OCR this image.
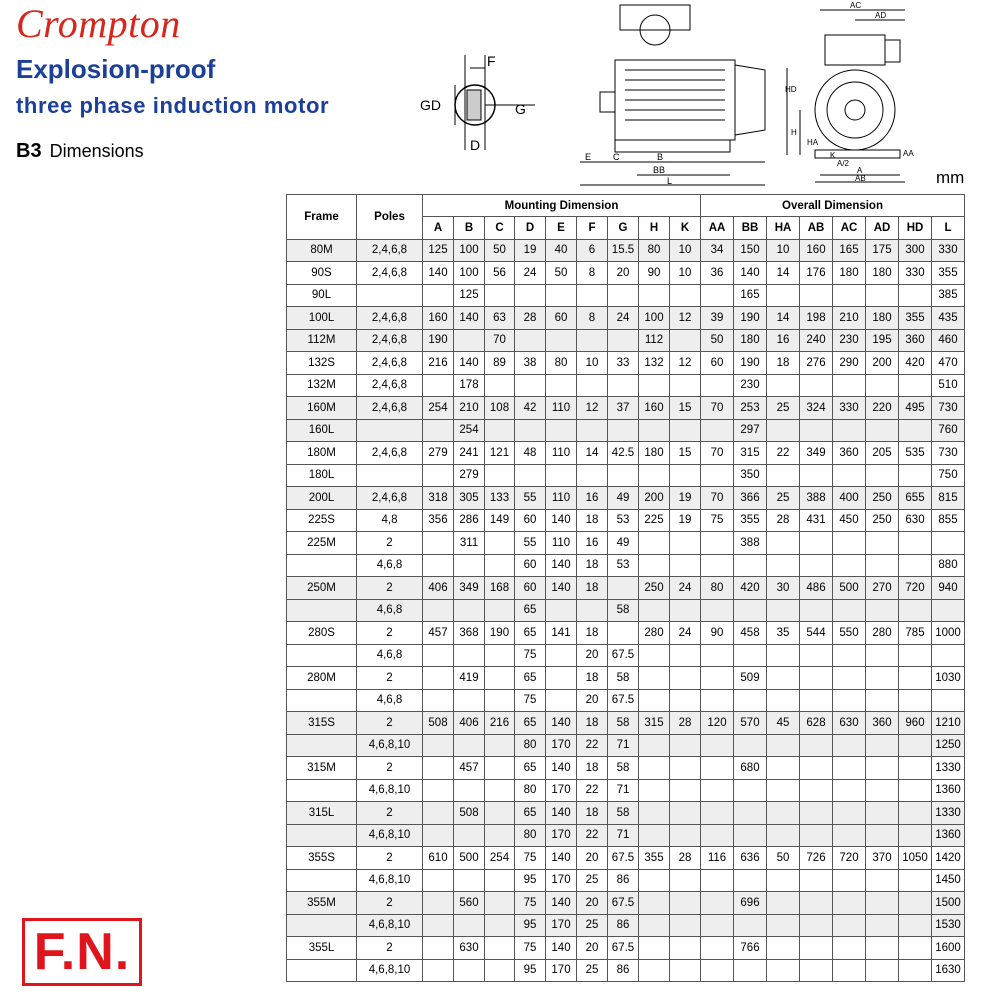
Crompton
Explosion-proof
three phase induction motor
B3 Dimensions
mm
F
GD	G
D
E C	B
BB
L
AC
AD
HD
H
HA
K
A/2
A
AB
AA
Frame	Poles	Mounting Dimension									Overall Dimension							
		A	B	C	D	E	F	G	H	K	AA	BB	HA	AB	AC	AD	HD	L
80M	2,4,6,8	125	100	50	19	40	6	15.5	80	10	34	150	10	160	165	175	300	330
90S	2,4,6,8	140	100	56	24	50	8	20	90	10	36	140	14	176	180	180	330	355
90L			125									165						385
100L	2,4,6,8	160	140	63	28	60	8	24	100	12	39	190	14	198	210	180	355	435
112M	2,4,6,8	190		70					112		50	180	16	240	230	195	360	460
132S	2,4,6,8	216	140	89	38	80	10	33	132	12	60	190	18	276	290	200	420	470
132M	2,4,6,8		178									230						510
160M	2,4,6,8	254	210	108	42	110	12	37	160	15	70	253	25	324	330	220	495	730
160L			254									297						760
180M	2,4,6,8	279	241	121	48	110	14	42.5	180	15	70	315	22	349	360	205	535	730
180L			279									350						750
200L	2,4,6,8	318	305	133	55	110	16	49	200	19	70	366	25	388	400	250	655	815
225S	4,8	356	286	149	60	140	18	53	225	19	75	355	28	431	450	250	630	855
225M	2		311		55	110	16	49				388						
	4,6,8				60	140	18	53										880
250M	2	406	349	168	60	140	18		250	24	80	420	30	486	500	270	720	940
	4,6,8				65			58										
280S	2	457	368	190	65	141	18		280	24	90	458	35	544	550	280	785	1000
	4,6,8				75		20	67.5										
280M	2		419		65		18	58				509						1030
	4,6,8				75		20	67.5										
315S	2	508	406	216	65	140	18	58	315	28	120	570	45	628	630	360	960	1210
	4,6,8,10				80	170	22	71										1250
315M	2		457		65	140	18	58				680						1330
	4,6,8,10				80	170	22	71										1360
315L	2		508		65	140	18	58										1330
	4,6,8,10				80	170	22	71										1360
355S	2	610	500	254	75	140	20	67.5	355	28	116	636	50	726	720	370	1050	1420
	4,6,8,10				95	170	25	86										1450
355M	2		560		75	140	20	67.5				696						1500
	4,6,8,10				95	170	25	86										1530
355L	2		630		75	140	20	67.5				766						1600
	4,6,8,10				95	170	25	86										1630
F.N.
